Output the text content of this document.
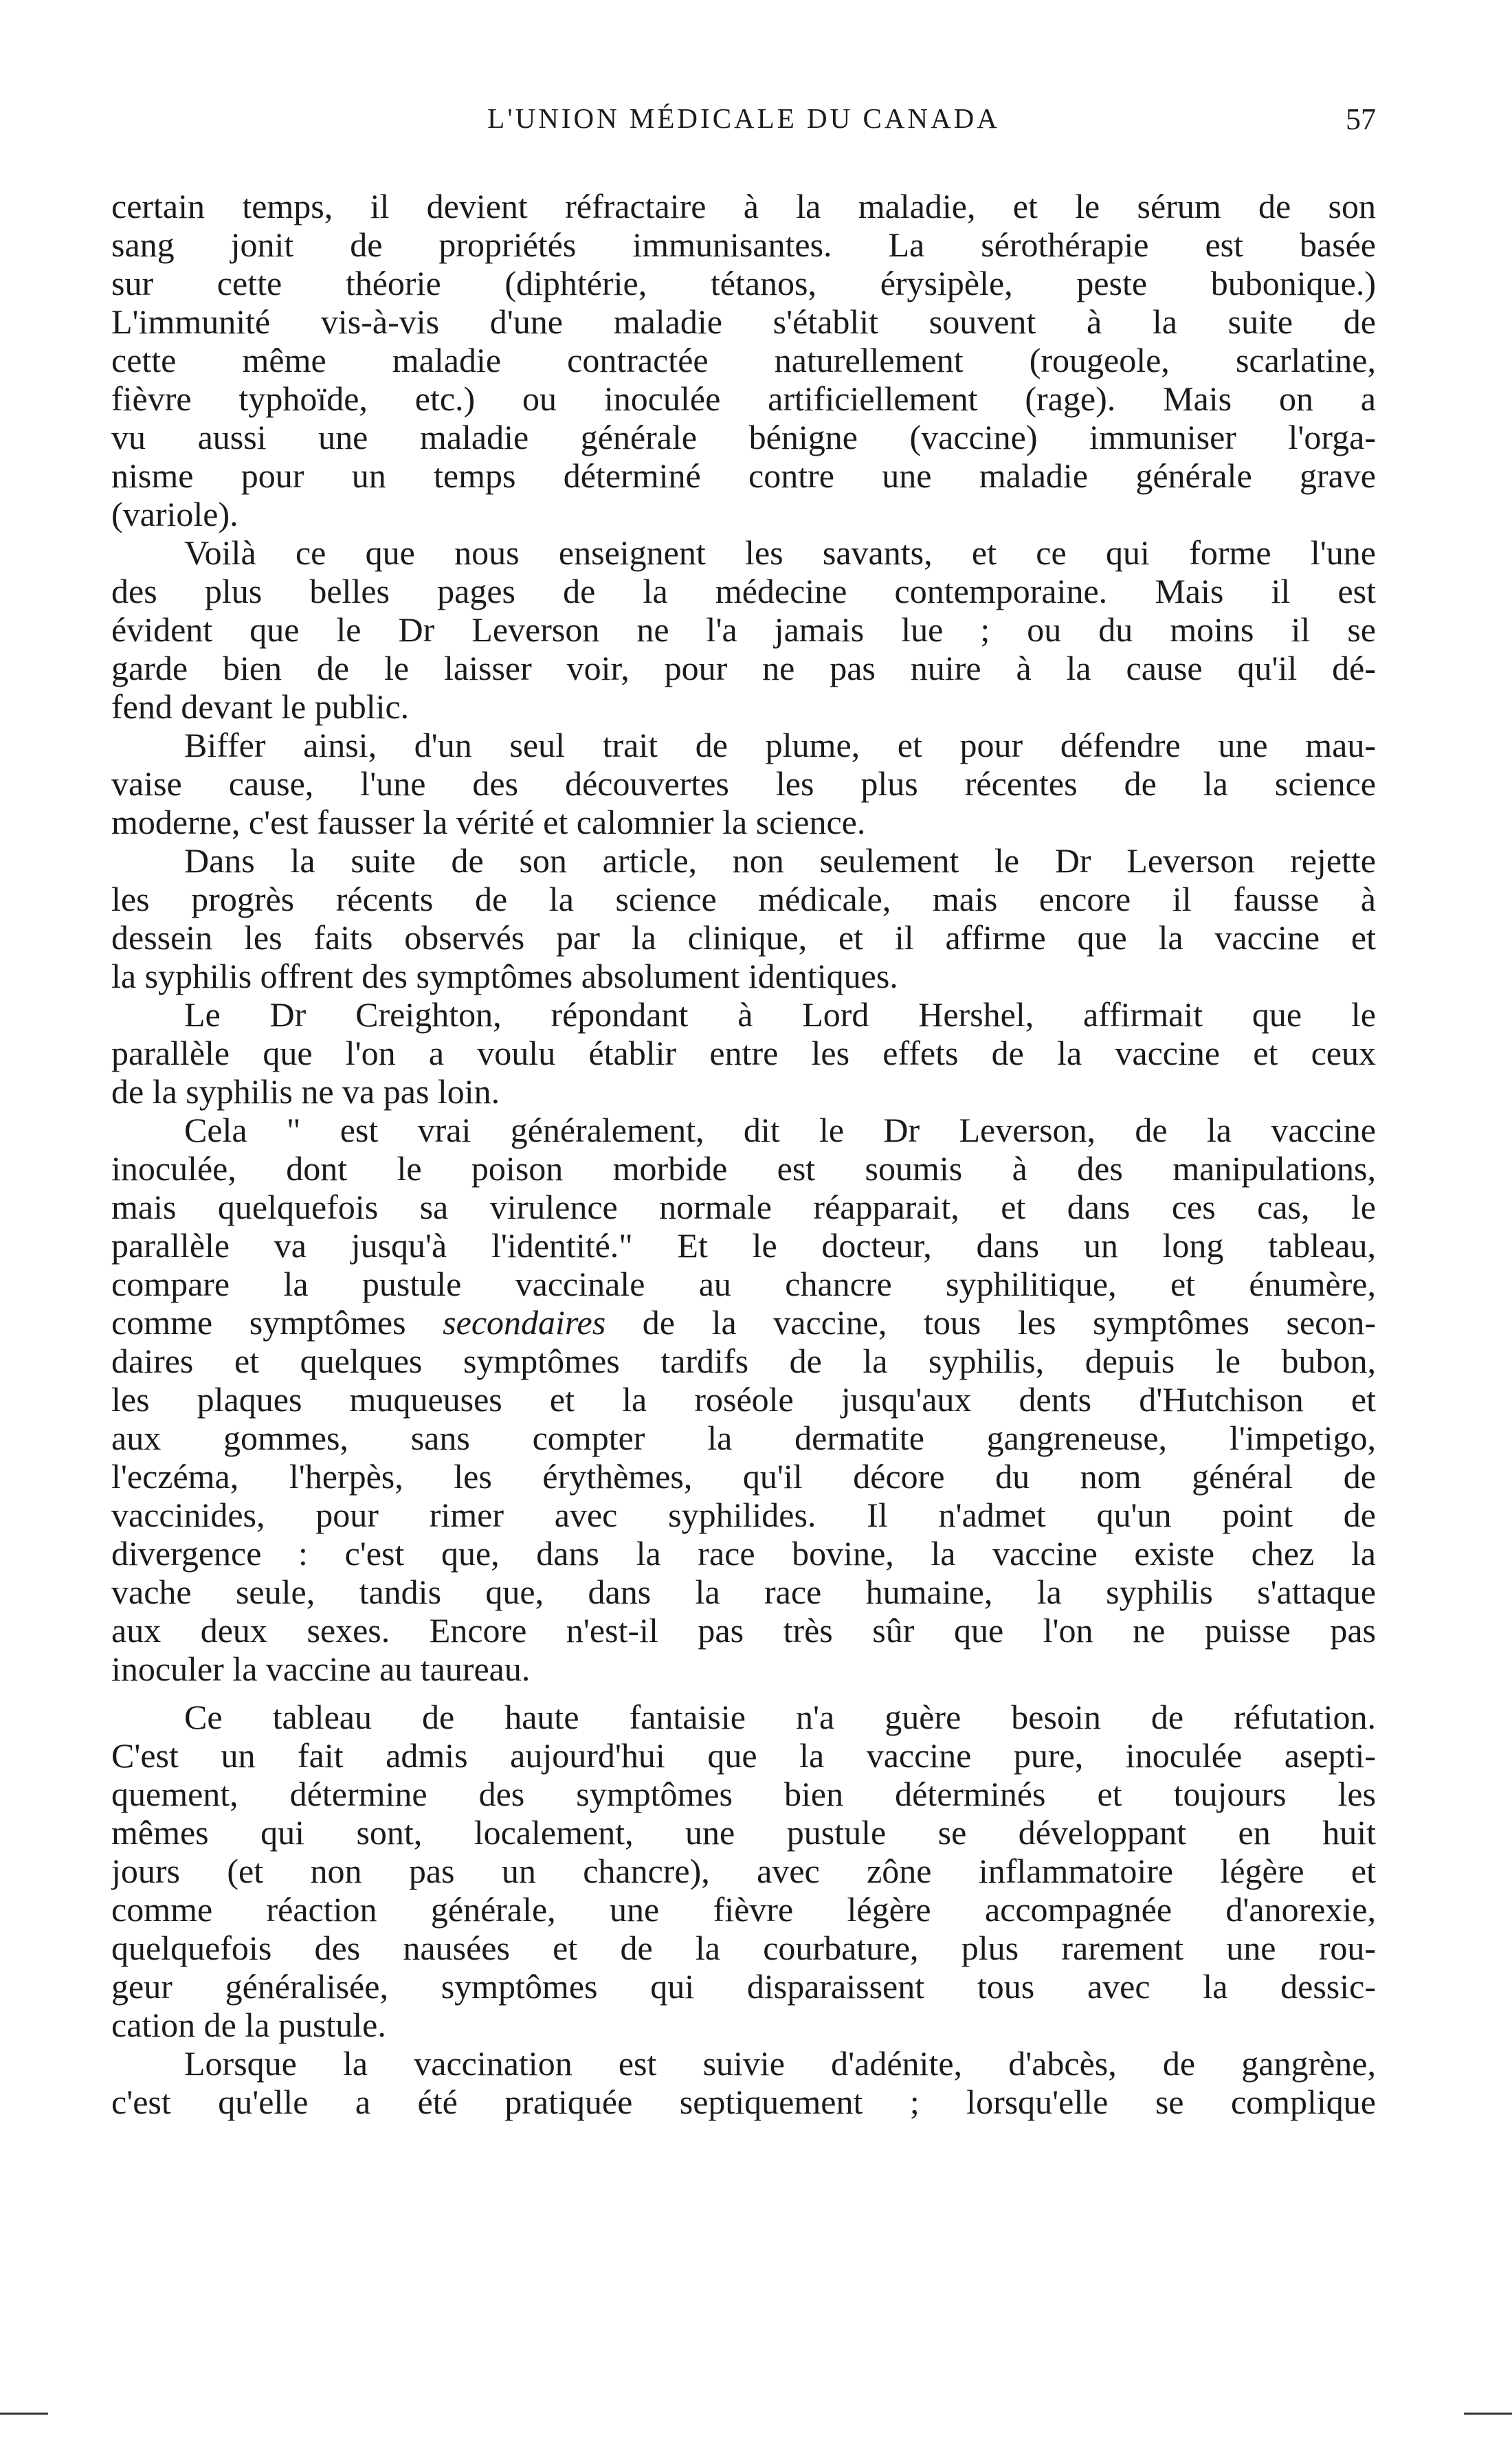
L'UNION MÉDICALE DU CANADA	57
certain temps, il devient réfractaire à la maladie, et le sérum de son
sang jonit de propriétés immunisantes. La sérothérapie est basée
sur cette théorie (diphtérie, tétanos, érysipèle, peste bubonique.)
L'immunité vis-à-vis d'une maladie s'établit souvent à la suite de
cette même maladie contractée naturellement (rougeole, scarlatine,
fièvre typhoïde, etc.) ou inoculée artificiellement (rage). Mais on a
vu aussi une maladie générale bénigne (vaccine) immuniser l'orga-
nisme pour un temps déterminé contre une maladie générale grave
(variole).
Voilà ce que nous enseignent les savants, et ce qui forme l'une
des plus belles pages de la médecine contemporaine. Mais il est
évident que le Dr Leverson ne l'a jamais lue ; ou du moins il se
garde bien de le laisser voir, pour ne pas nuire à la cause qu'il dé-
fend devant le public.
Biffer ainsi, d'un seul trait de plume, et pour défendre une mau-
vaise cause, l'une des découvertes les plus récentes de la science
moderne, c'est fausser la vérité et calomnier la science.
Dans la suite de son article, non seulement le Dr Leverson rejette
les progrès récents de la science médicale, mais encore il fausse à
dessein les faits observés par la clinique, et il affirme que la vaccine et
la syphilis offrent des symptômes absolument identiques.
Le Dr Creighton, répondant à Lord Hershel, affirmait que le
parallèle que l'on a voulu établir entre les effets de la vaccine et ceux
de la syphilis ne va pas loin.
Cela " est vrai généralement, dit le Dr Leverson, de la vaccine
inoculée, dont le poison morbide est soumis à des manipulations,
mais quelquefois sa virulence normale réapparait, et dans ces cas, le
parallèle va jusqu'à l'identité." Et le docteur, dans un long tableau,
compare la pustule vaccinale au chancre syphilitique, et énumère,
comme symptômes secondaires de la vaccine, tous les symptômes secon-
daires et quelques symptômes tardifs de la syphilis, depuis le bubon,
les plaques muqueuses et la roséole jusqu'aux dents d'Hutchison et
aux gommes, sans compter la dermatite gangreneuse, l'impetigo,
l'eczéma, l'herpès, les érythèmes, qu'il décore du nom général de
vaccinides, pour rimer avec syphilides. Il n'admet qu'un point de
divergence : c'est que, dans la race bovine, la vaccine existe chez la
vache seule, tandis que, dans la race humaine, la syphilis s'attaque
aux deux sexes. Encore n'est-il pas très sûr que l'on ne puisse pas
inoculer la vaccine au taureau.
Ce tableau de haute fantaisie n'a guère besoin de réfutation.
C'est un fait admis aujourd'hui que la vaccine pure, inoculée asepti-
quement, détermine des symptômes bien déterminés et toujours les
mêmes qui sont, localement, une pustule se développant en huit
jours (et non pas un chancre), avec zône inflammatoire légère et
comme réaction générale, une fièvre légère accompagnée d'anorexie,
quelquefois des nausées et de la courbature, plus rarement une rou-
geur généralisée, symptômes qui disparaissent tous avec la dessic-
cation de la pustule.
Lorsque la vaccination est suivie d'adénite, d'abcès, de gangrène,
c'est qu'elle a été pratiquée septiquement ; lorsqu'elle se complique
